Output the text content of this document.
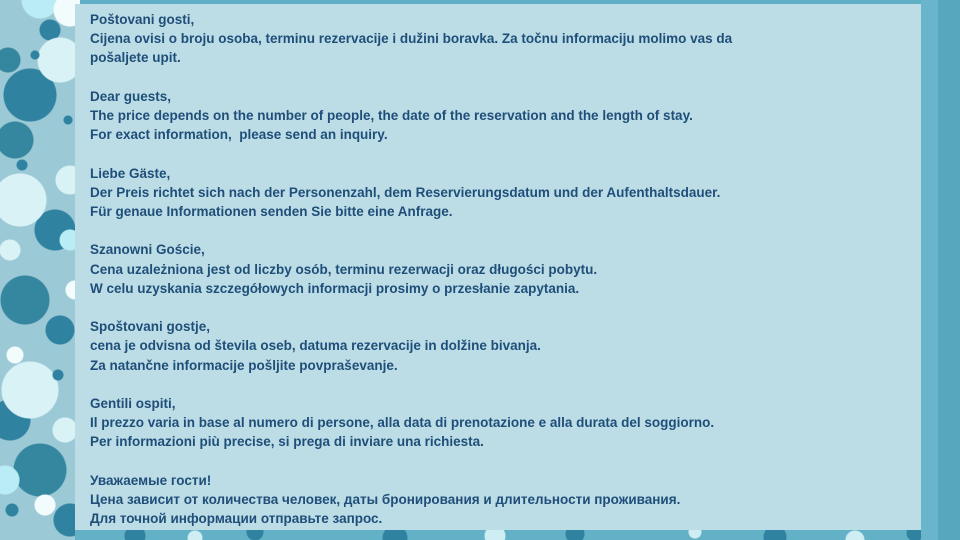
Poštovani gosti,
Cijena ovisi o broju osoba, terminu rezervacije i dužini boravka. Za točnu informaciju molimo vas da
pošaljete upit.
Dear guests,
The price depends on the number of people, the date of the reservation and the length of stay.
For exact information,  please send an inquiry.
Liebe Gäste,
Der Preis richtet sich nach der Personenzahl, dem Reservierungsdatum und der Aufenthaltsdauer.
Für genaue Informationen senden Sie bitte eine Anfrage.
Szanowni Goście,
Cena uzależniona jest od liczby osób, terminu rezerwacji oraz długości pobytu.
W celu uzyskania szczegółowych informacji prosimy o przesłanie zapytania.
Spoštovani gostje,
cena je odvisna od števila oseb, datuma rezervacije in dolžine bivanja.
Za natančne informacije pošljite povpraševanje.
Gentili ospiti,
Il prezzo varia in base al numero di persone, alla data di prenotazione e alla durata del soggiorno.
Per informazioni più precise, si prega di inviare una richiesta.
Уважаемые гости!
Цена зависит от количества человек, даты бронирования и длительности проживания.
Для точной информации отправьте запрос.
